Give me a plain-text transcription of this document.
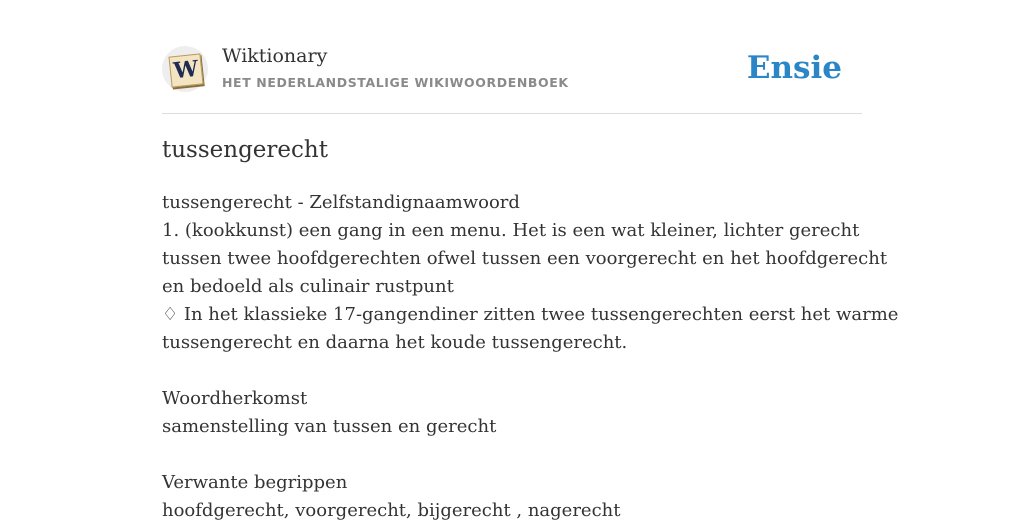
W Wiktionary
HET NEDERLANDSTALIGE WIKIWOORDENBOEK	Ensie
tussengerecht
tussengerecht - Zelfstandignaamwoord
1. (kookkunst) een gang in een menu. Het is een wat kleiner, lichter gerecht
tussen twee hoofdgerechten ofwel tussen een voorgerecht en het hoofdgerecht
en bedoeld als culinair rustpunt
♢ In het klassieke 17-gangendiner zitten twee tussengerechten eerst het warme
tussengerecht en daarna het koude tussengerecht.
Woordherkomst
samenstelling van tussen en gerecht
Verwante begrippen
hoofdgerecht, voorgerecht, bijgerecht , nagerecht
